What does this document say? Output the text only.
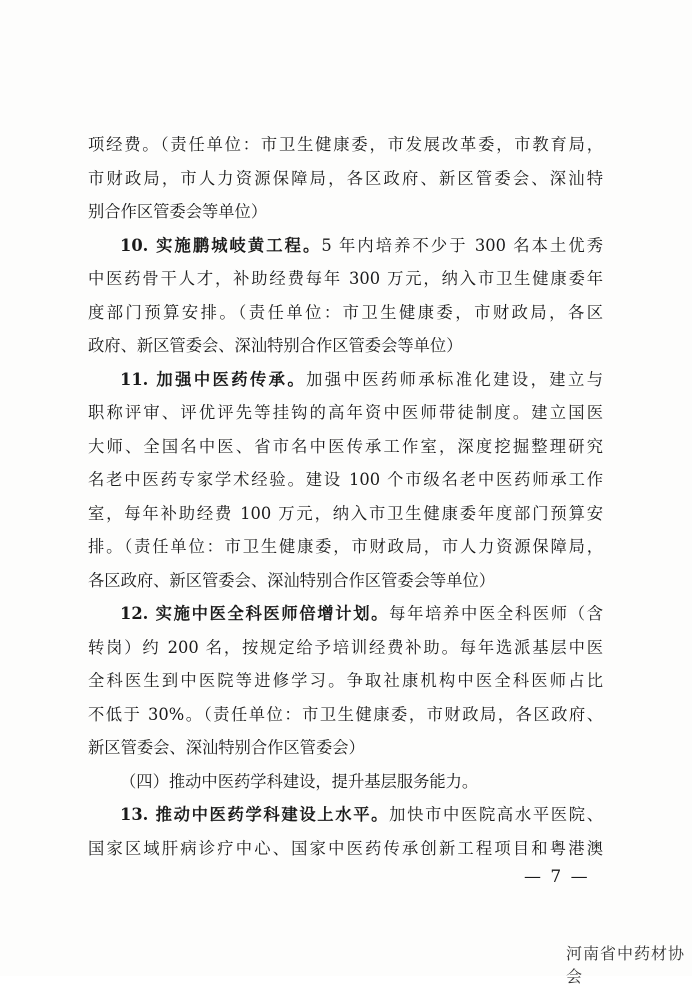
项经费。（责任单位：市卫生健康委，市发展改革委，市教育局，
市财政局，市人力资源保障局，各区政府、新区管委会、深汕特
别合作区管委会等单位）
10. 实施鹏城岐黄工程。5 年内培养不少于 300 名本土优秀
中医药骨干人才，补助经费每年 300 万元，纳入市卫生健康委年
度部门预算安排。（责任单位：市卫生健康委，市财政局，各区
政府、新区管委会、深汕特别合作区管委会等单位）
11. 加强中医药传承。加强中医药师承标准化建设，建立与
职称评审、评优评先等挂钩的高年资中医师带徒制度。建立国医
大师、全国名中医、省市名中医传承工作室，深度挖掘整理研究
名老中医药专家学术经验。建设 100 个市级名老中医药师承工作
室，每年补助经费 100 万元，纳入市卫生健康委年度部门预算安
排。（责任单位：市卫生健康委，市财政局，市人力资源保障局，
各区政府、新区管委会、深汕特别合作区管委会等单位）
12. 实施中医全科医师倍增计划。每年培养中医全科医师（含
转岗）约 200 名，按规定给予培训经费补助。每年选派基层中医
全科医生到中医院等进修学习。争取社康机构中医全科医师占比
不低于 30%。（责任单位：市卫生健康委，市财政局，各区政府、
新区管委会、深汕特别合作区管委会）
（四）推动中医药学科建设，提升基层服务能力。
13. 推动中医药学科建设上水平。加快市中医院高水平医院、
国家区域肝病诊疗中心、国家中医药传承创新工程项目和粤港澳
— 7 —
河南省中药材协会
